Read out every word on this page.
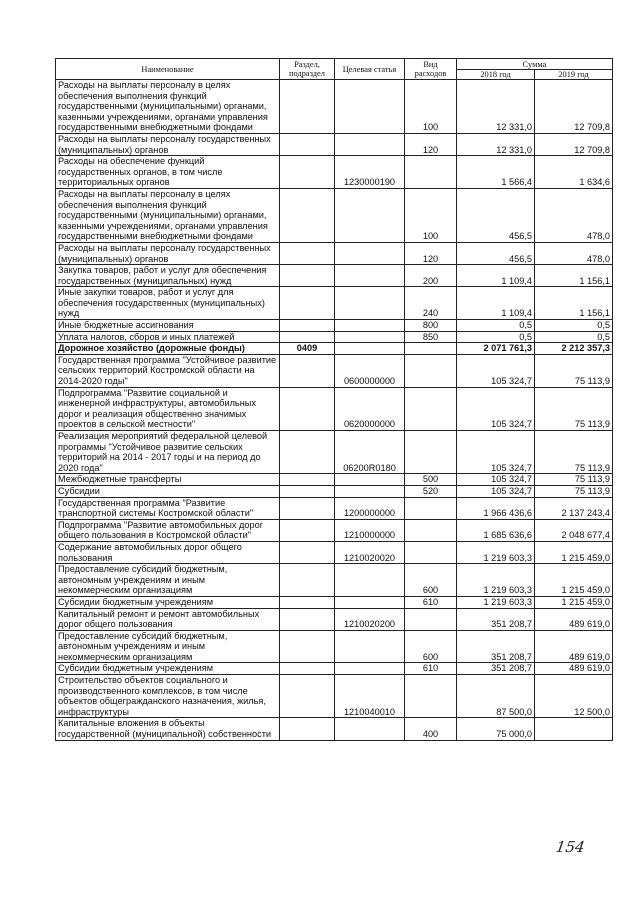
Наименование	Раздел, подраздел	Целевая статья	Вид расходов	Сумма	
				2018 год	2019 год
Расходы на выплаты персоналу в целях обеспечения выполнения функций государственными (муниципальными) органами, казенными учреждениями, органами управления государственными внебюджетными фондами			100	12 331,0	12 709,8
Расходы на выплаты персоналу государственных (муниципальных) органов			120	12 331,0	12 709,8
Расходы на обеспечение функций государственных органов, в том числе территориальных органов		1230000190		1 566,4	1 634,6
Расходы на выплаты персоналу в целях обеспечения выполнения функций государственными (муниципальными) органами, казенными учреждениями, органами управления государственными внебюджетными фондами			100	456,5	478,0
Расходы на выплаты персоналу государственных (муниципальных) органов			120	456,5	478,0
Закупка товаров, работ и услуг для обеспечения государственных (муниципальных) нужд			200	1 109,4	1 156,1
Иные закупки товаров, работ и услуг для обеспечения государственных (муниципальных) нужд			240	1 109,4	1 156,1
Иные бюджетные ассигнования			800	0,5	0,5
Уплата налогов, сборов и иных платежей			850	0,5	0,5
Дорожное хозяйство (дорожные фонды)	0409			2 071 761,3	2 212 357,3
Государственная программа "Устойчивое развитие сельских территорий Костромской области на 2014-2020 годы"		0600000000		105 324,7	75 113,9
Подпрограмма "Развитие социальной и инженерной инфраструктуры, автомобильных дорог и реализация общественно значимых проектов в сельской местности"		0620000000		105 324,7	75 113,9
Реализация мероприятий федеральной целевой программы "Устойчивое развитие сельских территорий на 2014 - 2017 годы и на период до 2020 года"		06200R0180		105 324,7	75 113,9
Межбюджетные трансферты			500	105 324,7	75 113,9
Субсидии			520	105 324,7	75 113,9
Государственная программа "Развитие транспортной системы Костромской области"		1200000000		1 966 436,6	2 137 243,4
Подпрограмма "Развитие автомобильных дорог общего пользования в Костромской области"		1210000000		1 685 636,6	2 048 677,4
Содержание автомобильных дорог общего пользования		1210020020		1 219 603,3	1 215 459,0
Предоставление субсидий бюджетным, автономным учреждениям и иным некоммерческим организациям			600	1 219 603,3	1 215 459,0
Субсидии бюджетным учреждениям			610	1 219 603,3	1 215 459,0
Капитальный ремонт и ремонт автомобильных дорог общего пользования		1210020200		351 208,7	489 619,0
Предоставление субсидий бюджетным, автономным учреждениям и иным некоммерческим организациям			600	351 208,7	489 619,0
Субсидии бюджетным учреждениям			610	351 208,7	489 619,0
Строительство объектов социального и производственного комплексов, в том числе объектов общегражданского назначения, жилья, инфраструктуры		1210040010		87 500,0	12 500,0
Капитальные вложения в объекты государственной (муниципальной) собственности			400	75 000,0	
154
